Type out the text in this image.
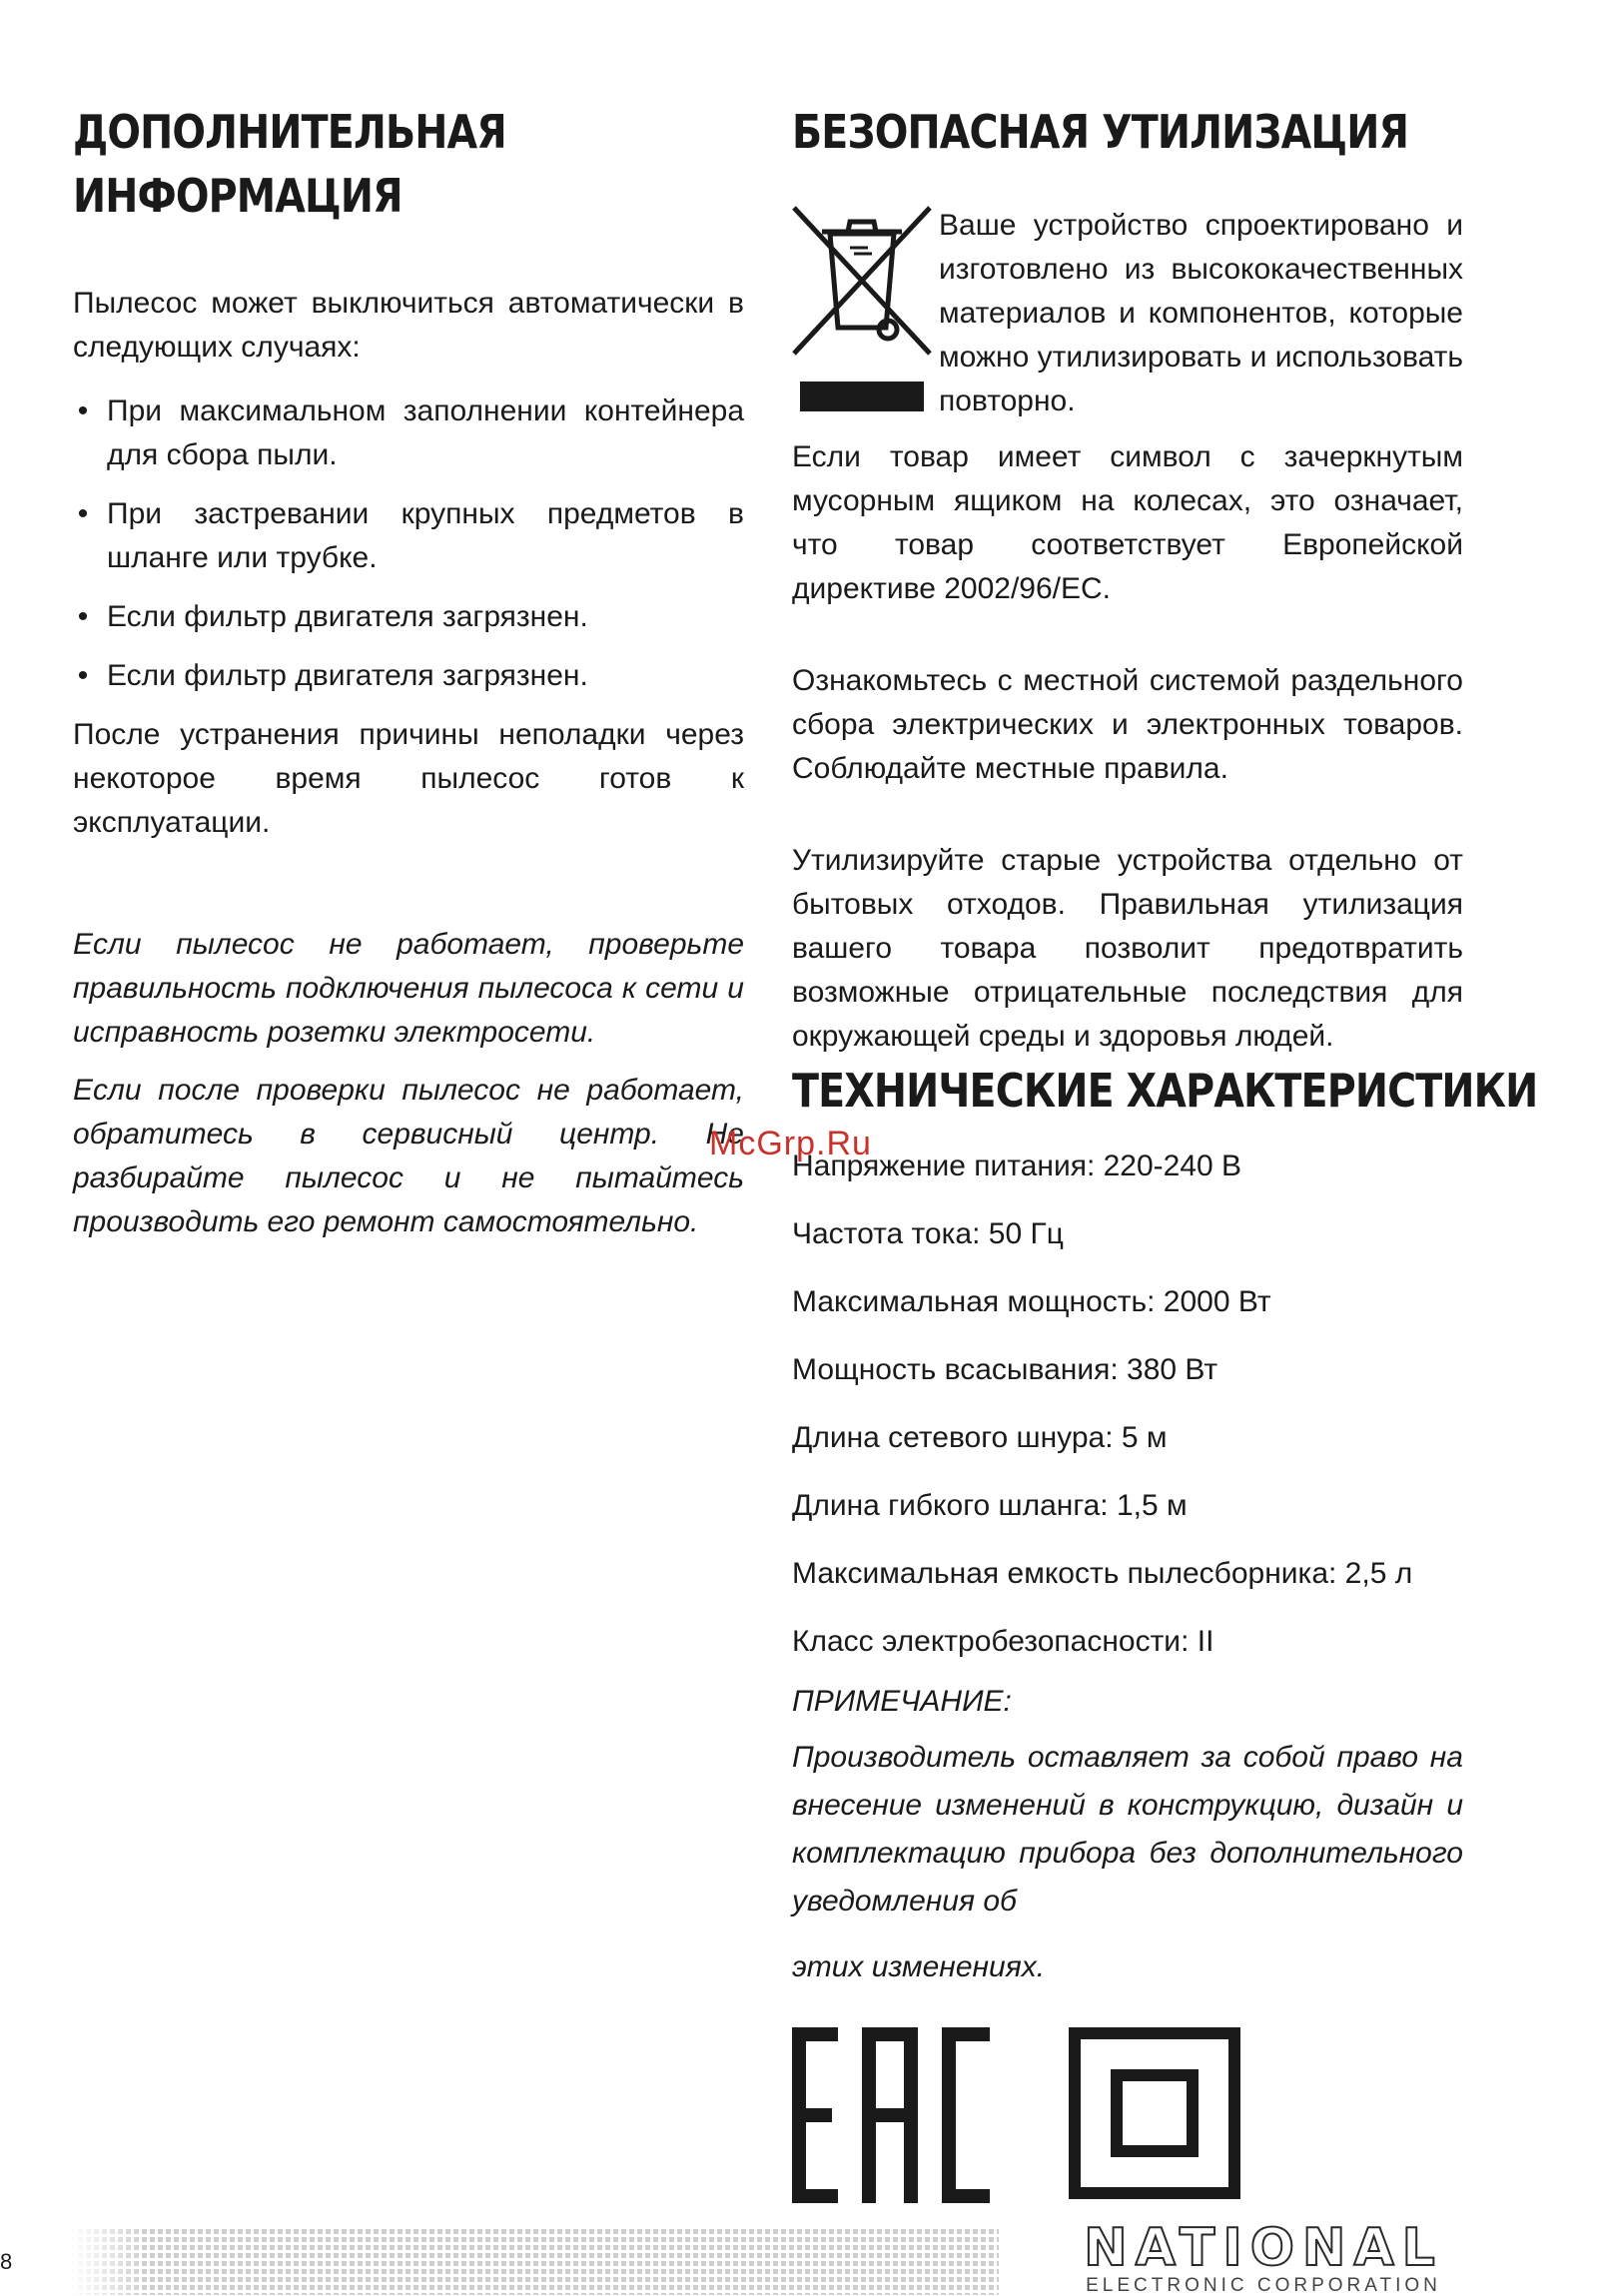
ДОПОЛНИТЕЛЬНАЯ
ИНФОРМАЦИЯ

Пылесос может выключиться автоматически в следующих случаях:

• При максимальном заполнении контейнера для сбора пыли.
• При застревании крупных предметов в шланге или трубке.
• Если фильтр двигателя загрязнен.
• Если фильтр двигателя загрязнен.

После устранения причины неполадки через некоторое время пылесос готов к эксплуатации.

Если пылесос не работает, проверьте правильность подключения пылесоса к сети и исправность розетки электросети.

Если после проверки пылесос не работает, обратитесь в сервисный центр. Не разбирайте пылесос и не пытайтесь производить его ремонт самостоятельно.

БЕЗОПАСНАЯ УТИЛИЗАЦИЯ

Ваше устройство спроектировано и изготовлено из высококачественных материалов и компонентов, которые можно утилизировать и использовать повторно.

Если товар имеет символ с зачеркнутым мусорным ящиком на колесах, это означает, что товар соответствует Европейской директиве 2002/96/ЕС.

Ознакомьтесь с местной системой раздельного сбора электрических и электронных товаров. Соблюдайте местные правила.

Утилизируйте старые устройства отдельно от бытовых отходов. Правильная утилизация вашего товара позволит предотвратить возможные отрицательные последствия для окружающей среды и здоровья людей.

ТЕХНИЧЕСКИЕ ХАРАКТЕРИСТИКИ

Напряжение питания: 220-240 В

Частота тока: 50 Гц

Максимальная мощность: 2000 Вт

Мощность всасывания: 380 Вт

Длина сетевого шнура: 5 м

Длина гибкого шланга: 1,5 м

Максимальная емкость пылесборника: 2,5 л

Класс электробезопасности: II

ПРИМЕЧАНИЕ:

Производитель оставляет за собой право на внесение изменений в конструкцию, дизайн и комплектацию прибора без дополнительного уведомления об

этих изменениях.

McGrp.Ru
8	NATIONAL
ELECTRONIC CORPORATION
